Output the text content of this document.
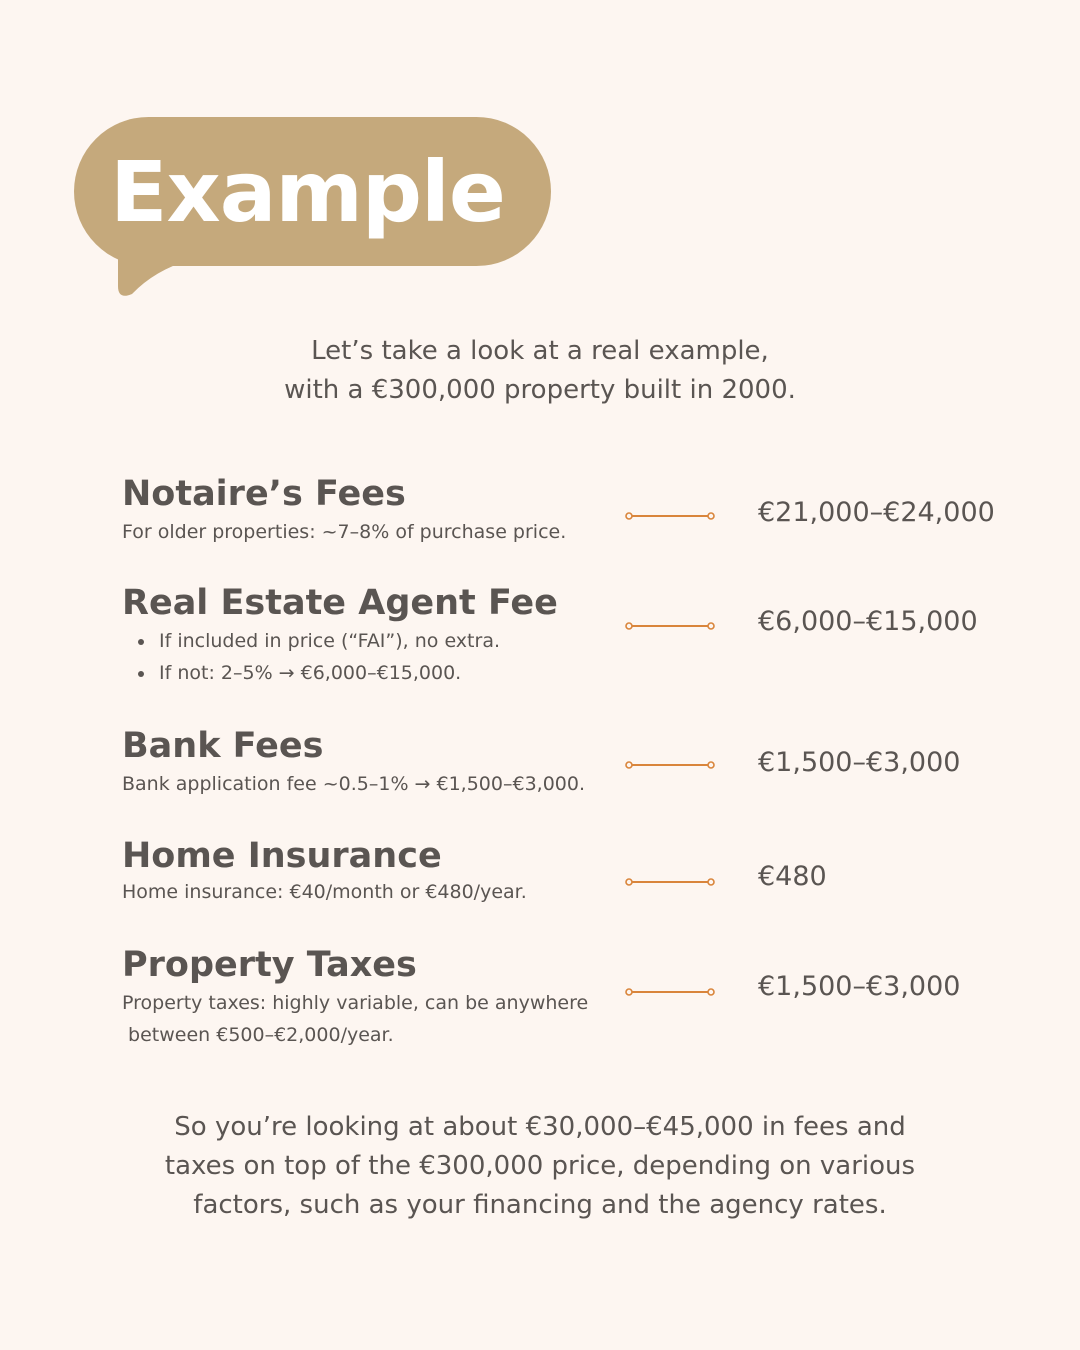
Example
Let’s take a look at a real example,
with a €300,000 property built in 2000.
Notaire’s Fees
For older properties: ~7–8% of purchase price.
€21,000–€24,000
Real Estate Agent Fee
If included in price (“FAI”), no extra.
If not: 2–5% → €6,000–€15,000.
€6,000–€15,000
Bank Fees
Bank application fee ~0.5–1% → €1,500–€3,000.
€1,500–€3,000
Home Insurance
Home insurance: €40/month or €480/year.	€480
Property Taxes
Property taxes: highly variable, can be anywhere
between €500–€2,000/year.
€1,500–€3,000
So you’re looking at about €30,000–€45,000 in fees and
taxes on top of the €300,000 price, depending on various
factors, such as your financing and the agency rates.
